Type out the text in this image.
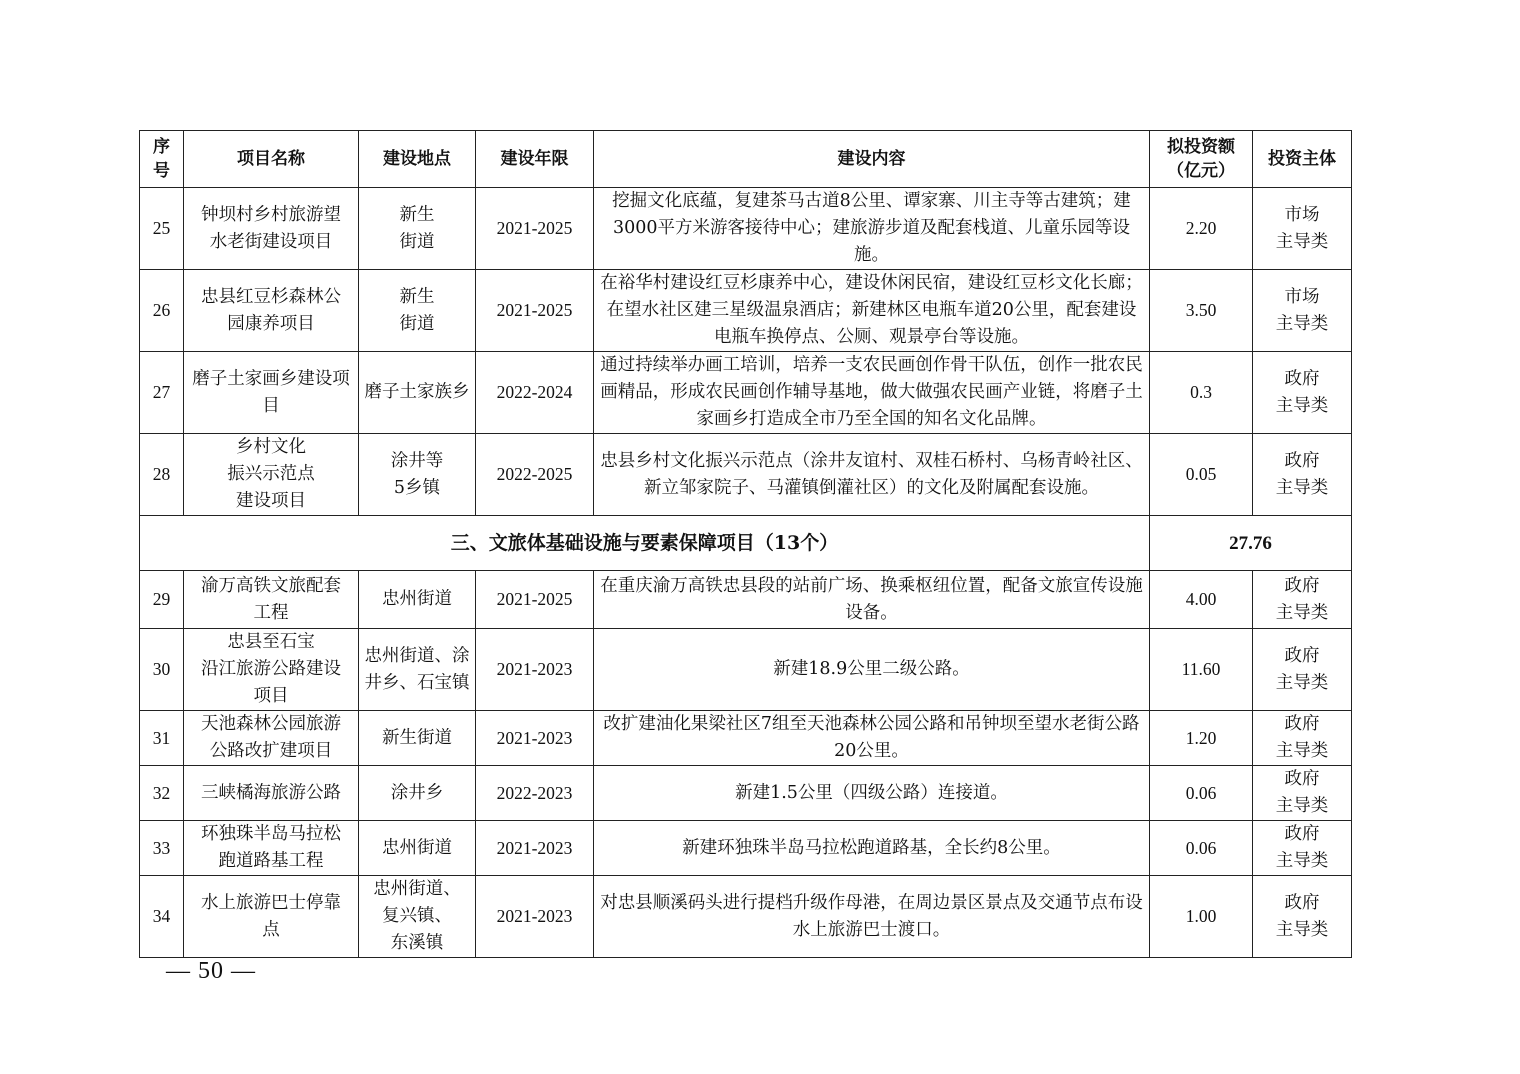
序
号	项目名称	建设地点	建设年限	建设内容	拟投资额
（亿元）	投资主体
25	钟坝村乡村旅游望
水老街建设项目	新生
街道	2021-2025	挖掘文化底蕴，复建茶马古道8公里、谭家寨、川主寺等古建筑；建3000平方米游客接待中心；建旅游步道及配套栈道、儿童乐园等设施。	2.20	市场
主导类
26	忠县红豆杉森林公
园康养项目	新生
街道	2021-2025	在裕华村建设红豆杉康养中心，建设休闲民宿，建设红豆杉文化长廊；在望水社区建三星级温泉酒店；新建林区电瓶车道20公里，配套建设电瓶车换停点、公厕、观景亭台等设施。	3.50	市场
主导类
27	磨子土家画乡建设项目	磨子土家族乡	2022-2024	通过持续举办画工培训，培养一支农民画创作骨干队伍，创作一批农民画精品，形成农民画创作辅导基地，做大做强农民画产业链，将磨子土家画乡打造成全市乃至全国的知名文化品牌。	0.3	政府
主导类
28	乡村文化
振兴示范点
建设项目	涂井等
5乡镇	2022-2025	忠县乡村文化振兴示范点（涂井友谊村、双桂石桥村、乌杨青岭社区、新立邹家院子、马灌镇倒灌社区）的文化及附属配套设施。	0.05	政府
主导类
三、文旅体基础设施与要素保障项目（13个）					27.76	
29	渝万高铁文旅配套
工程	忠州街道	2021-2025	在重庆渝万高铁忠县段的站前广场、换乘枢纽位置，配备文旅宣传设施设备。	4.00	政府
主导类
30	忠县至石宝
沿江旅游公路建设
项目	忠州街道、涂
井乡、石宝镇	2021-2023	新建18.9公里二级公路。	11.60	政府
主导类
31	天池森林公园旅游
公路改扩建项目	新生街道	2021-2023	改扩建油化果梁社区7组至天池森林公园公路和吊钟坝至望水老街公路20公里。	1.20	政府
主导类
32	三峡橘海旅游公路	涂井乡	2022-2023	新建1.5公里（四级公路）连接道。	0.06	政府
主导类
33	环独珠半岛马拉松
跑道路基工程	忠州街道	2021-2023	新建环独珠半岛马拉松跑道路基，全长约8公里。	0.06	政府
主导类
34	水上旅游巴士停靠
点	忠州街道、
复兴镇、
东溪镇	2021-2023	对忠县顺溪码头进行提档升级作母港，在周边景区景点及交通节点布设水上旅游巴士渡口。	1.00	政府
主导类
— 50 —
